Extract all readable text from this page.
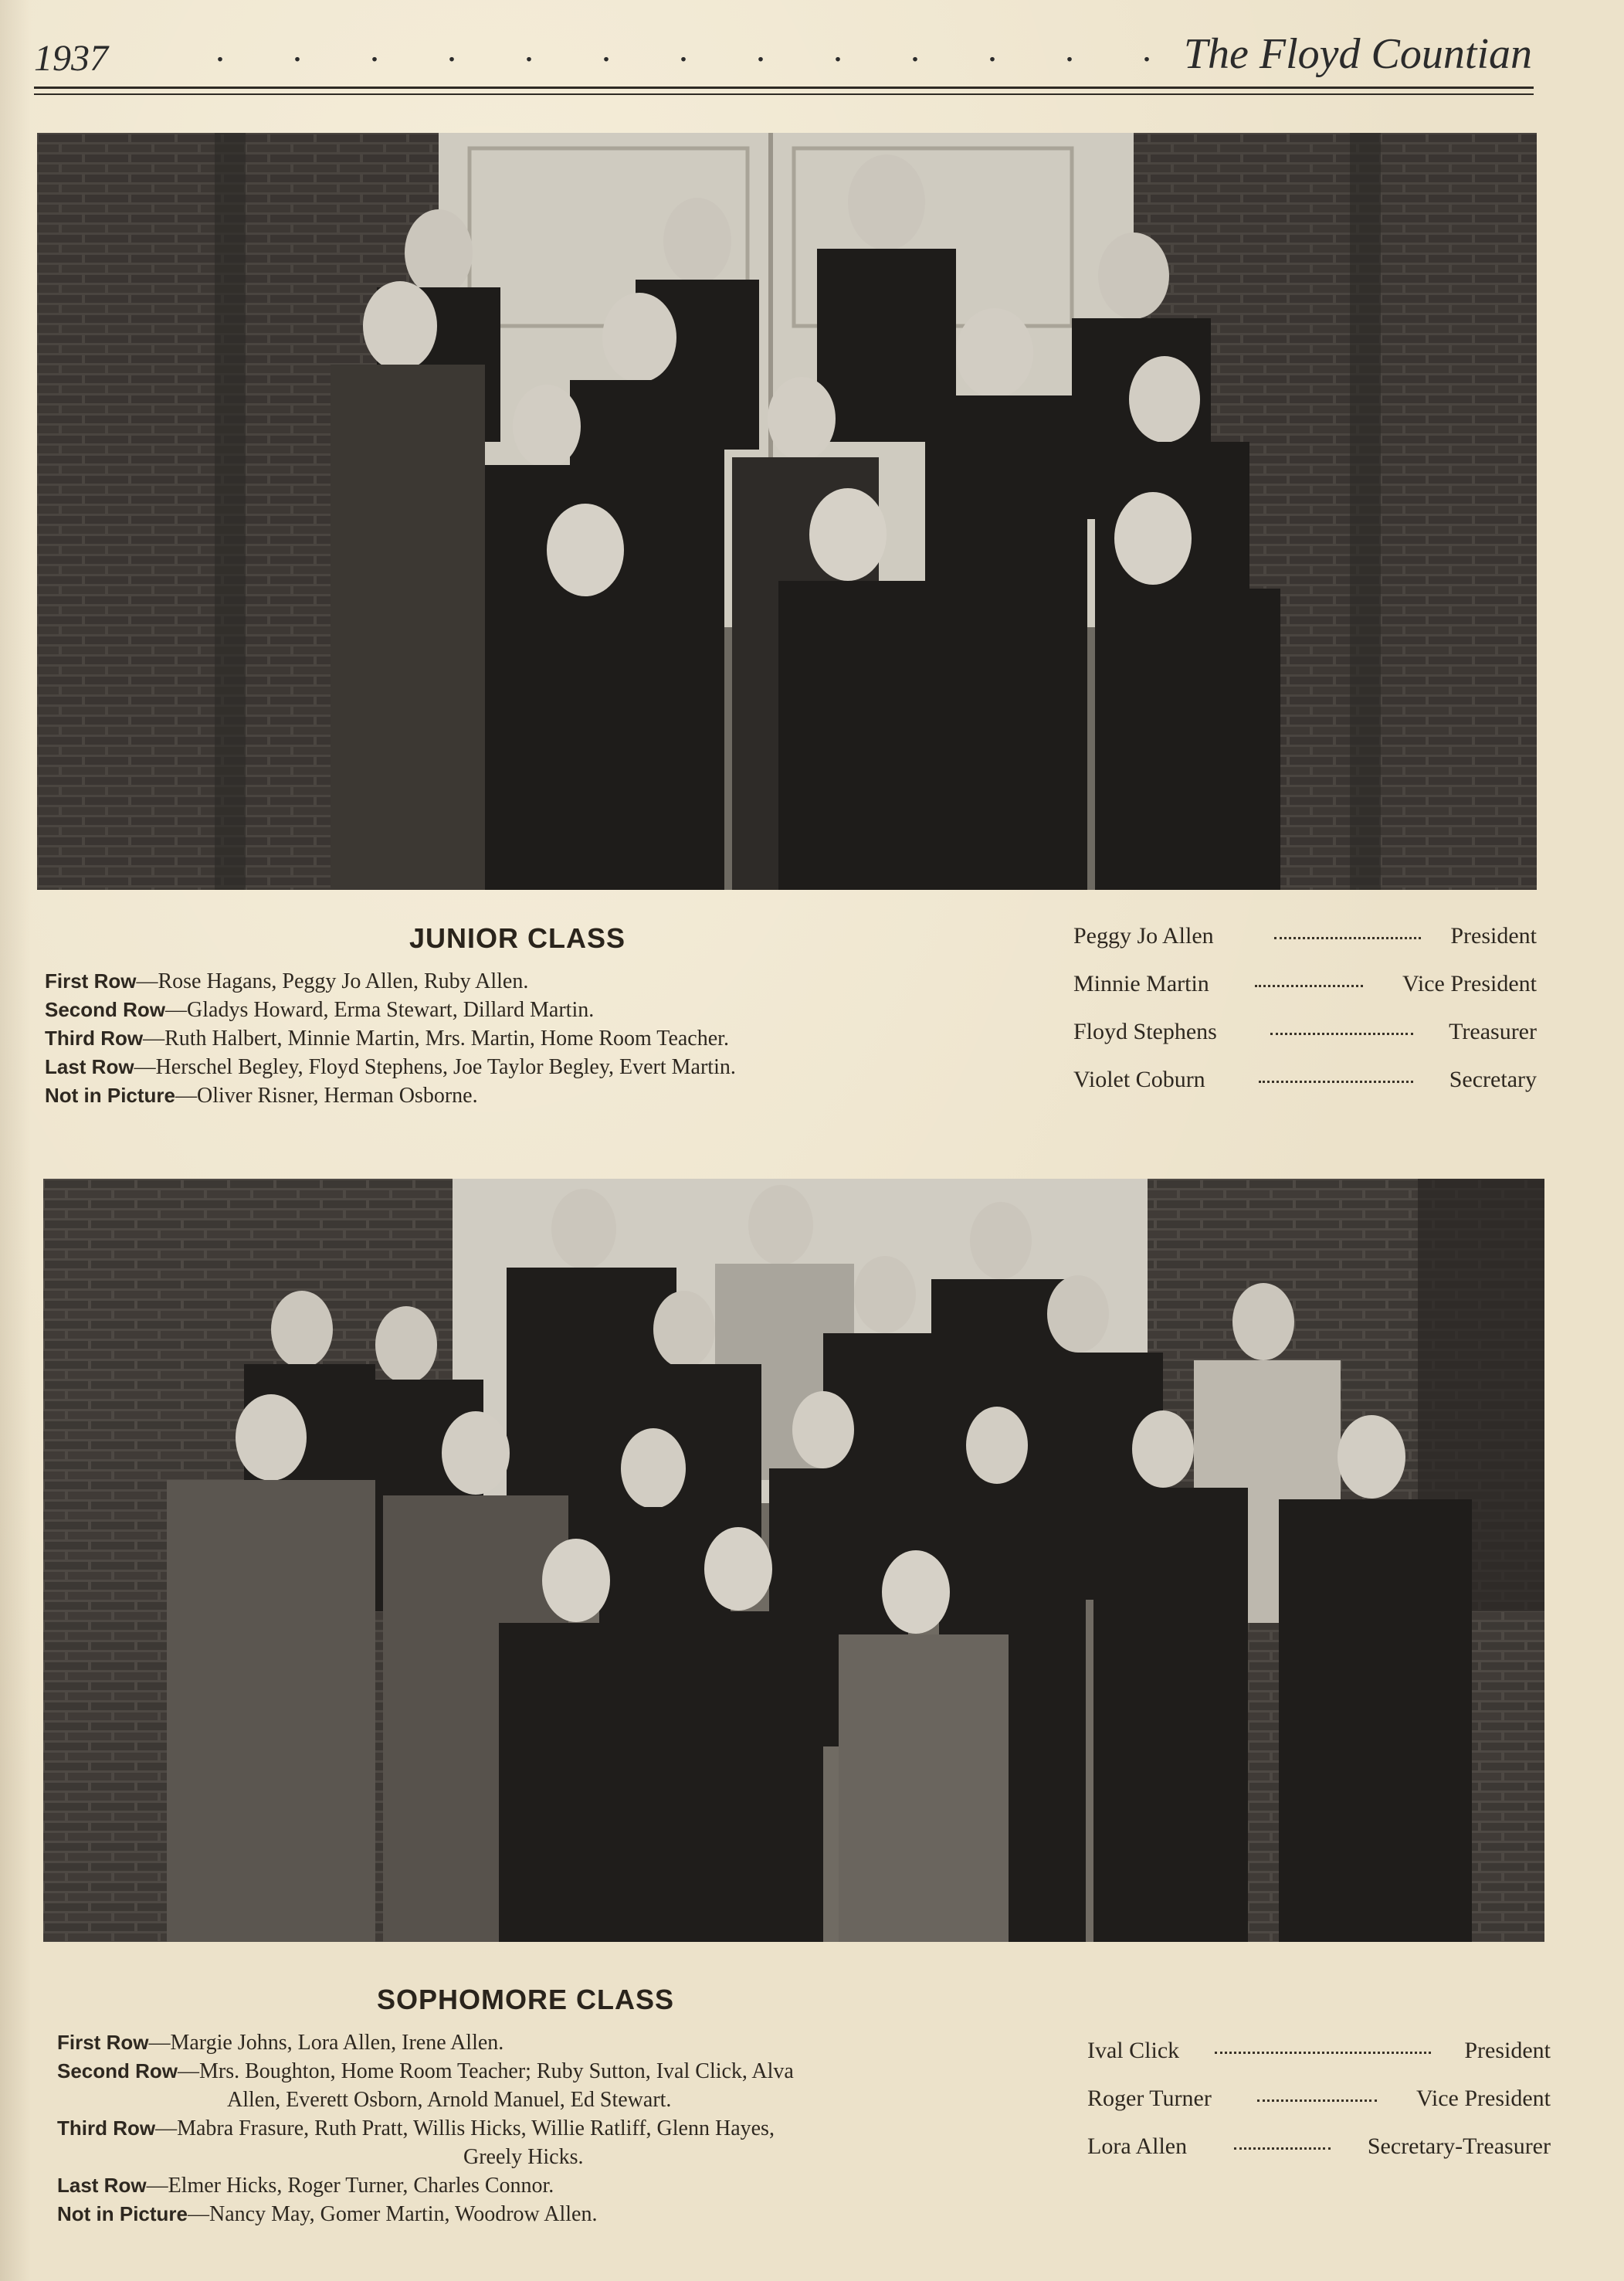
1937	. . . . . . . . . . . . . The Floyd Countian
JUNIOR CLASS
First Row—Rose Hagans, Peggy Jo Allen, Ruby Allen.
Second Row—Gladys Howard, Erma Stewart, Dillard Martin.
Third Row—Ruth Halbert, Minnie Martin, Mrs. Martin, Home Room Teacher.
Last Row—Herschel Begley, Floyd Stephens, Joe Taylor Begley, Evert Martin.
Not in Picture—Oliver Risner, Herman Osborne.
Peggy Jo Allen	President
Minnie Martin	Vice President
Floyd Stephens	Treasurer
Violet Coburn	Secretary
SOPHOMORE CLASS
First Row—Margie Johns, Lora Allen, Irene Allen.
Second Row—Mrs. Boughton, Home Room Teacher; Ruby Sutton, Ival Click, Alva
Allen, Everett Osborn, Arnold Manuel, Ed Stewart.
Third Row—Mabra Frasure, Ruth Pratt, Willis Hicks, Willie Ratliff, Glenn Hayes,
Greely Hicks.
Last Row—Elmer Hicks, Roger Turner, Charles Connor.
Not in Picture—Nancy May, Gomer Martin, Woodrow Allen.
Ival Click	President
Roger Turner	Vice President
Lora Allen	Secretary-Treasurer
